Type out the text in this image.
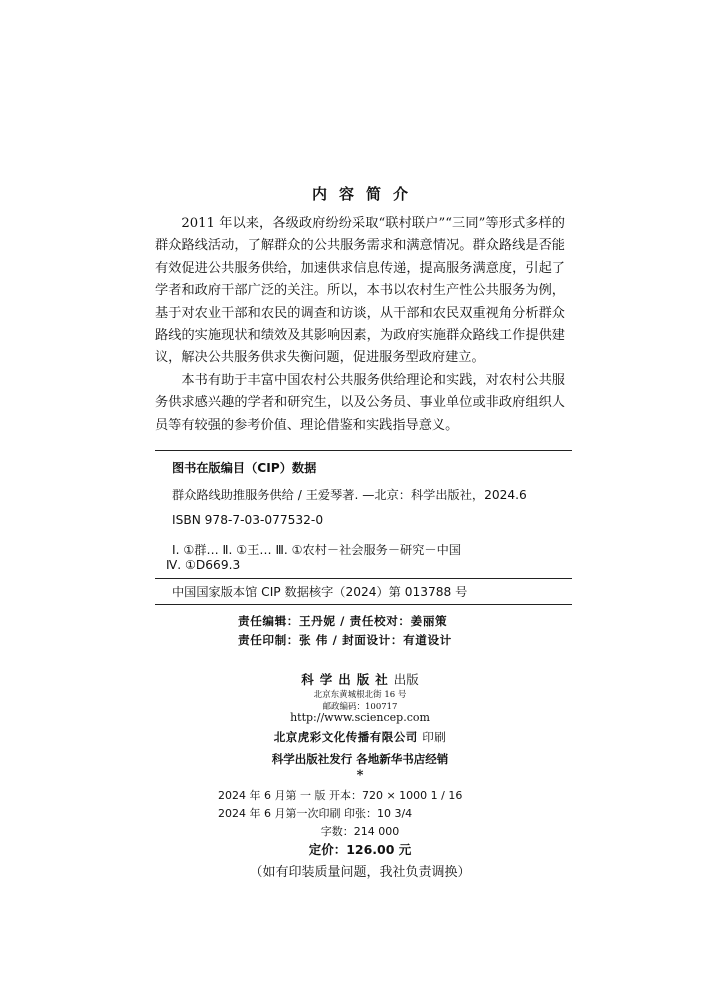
内容简介

2011 年以来，各级政府纷纷采取“联村联户”“三同”等形式多样的群众路线活动，了解群众的公共服务需求和满意情况。群众路线是否能有效促进公共服务供给，加速供求信息传递，提高服务满意度，引起了学者和政府干部广泛的关注。所以，本书以农村生产性公共服务为例，基于对农业干部和农民的调查和访谈，从干部和农民双重视角分析群众路线的实施现状和绩效及其影响因素，为政府实施群众路线工作提供建议，解决公共服务供求失衡问题，促进服务型政府建立。

本书有助于丰富中国农村公共服务供给理论和实践，对农村公共服务供求感兴趣的学者和研究生，以及公务员、事业单位或非政府组织人员等有较强的参考价值、理论借鉴和实践指导意义。

图书在版编目（CIP）数据
群众路线助推服务供给 / 王爱琴著. —北京：科学出版社，2024.6
ISBN 978-7-03-077532-0
Ⅰ. ①群… Ⅱ. ①王… Ⅲ. ①农村－社会服务－研究－中国
Ⅳ. ①D669.3
中国国家版本馆 CIP 数据核字（2024）第 013788 号
责任编辑：王丹妮 / 责任校对：姜丽策
责任印制：张 伟 / 封面设计：有道设计
科学出版社出版
北京东黄城根北街 16 号
邮政编码：100717
http://www.sciencep.com
北京虎彩文化传播有限公司 印刷
科学出版社发行 各地新华书店经销
*
2024 年 6 月第 一 版 开本：720 × 1000 1 / 16
2024 年 6 月第一次印刷 印张：10 3/4
字数：214 000
定价：126.00 元
（如有印装质量问题，我社负责调换）
